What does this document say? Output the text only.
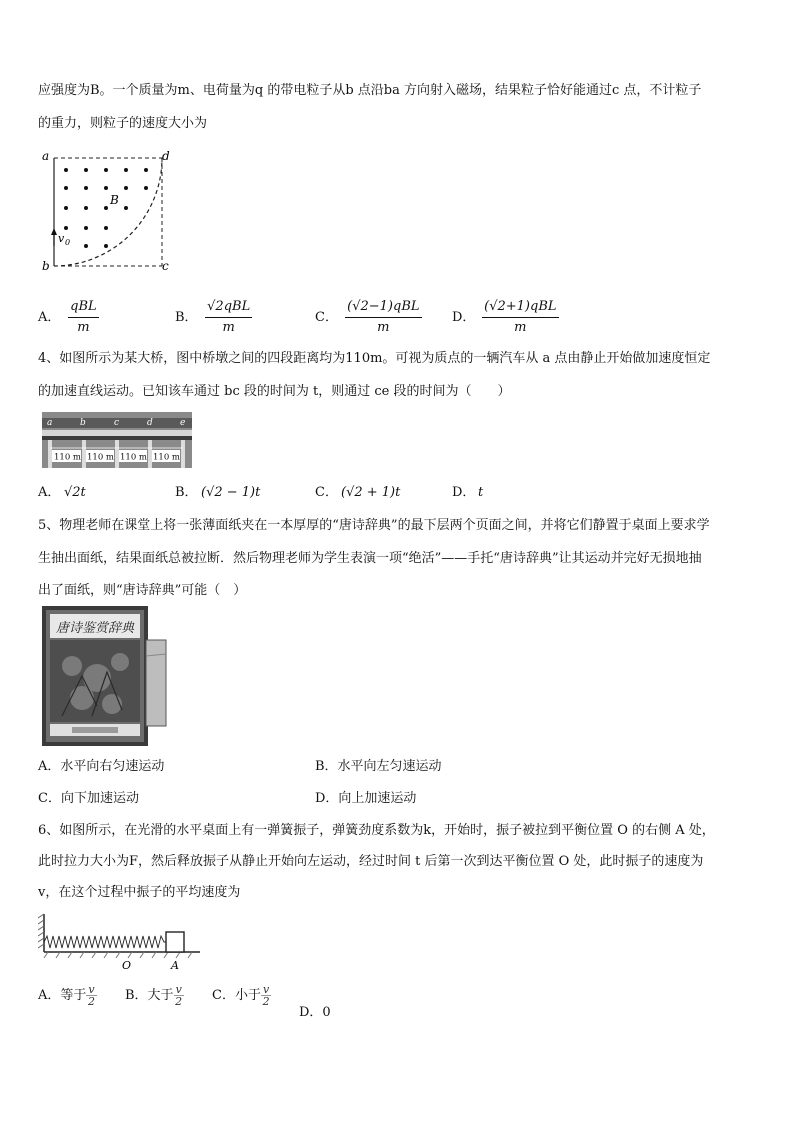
应强度为B。一个质量为m、电荷量为q 的带电粒子从b 点沿ba 方向射入磁场，结果粒子恰好能通过c 点，不计粒子
的重力，则粒子的速度大小为
a	d
b	c
B
v 0
A． $\frac{\text{qBL}}{m}$	B． $\frac{\text{√2qBL}}{m}$	C． $\frac{\text{(√2−1)qBL}}{m}$ D． $\frac{\text{(√2+1)qBL}}{m}$
4、如图所示为某大桥，图中桥墩之间的四段距离均为110m。可视为质点的一辆汽车从 a 点由静止开始做加速度恒定
的加速直线运动。已知该车通过 bc 段的时间为 t，则通过 ce 段的时间为（　　）
a	b	c	d	e
110 m 110 m 110 m 110 m
A． √2t	B． (√2 − 1)t	C． (√2 + 1)t	D． t
5、物理老师在课堂上将一张薄面纸夹在一本厚厚的“唐诗辞典”的最下层两个页面之间，并将它们静置于桌面上要求学
生抽出面纸，结果面纸总被拉断．然后物理老师为学生表演一项“绝活”——手托“唐诗辞典”让其运动并完好无损地抽
出了面纸，则“唐诗辞典”可能（　）
唐诗鉴赏辞典
A．水平向右匀速运动	B．水平向左匀速运动
C．向下加速运动	D．向上加速运动
6、如图所示，在光滑的水平桌面上有一弹簧振子，弹簧劲度系数为k，开始时，振子被拉到平衡位置 O 的右侧 A 处，
此时拉力大小为F，然后释放振子从静止开始向左运动，经过时间 t 后第一次到达平衡位置 O 处，此时振子的速度为
v，在这个过程中振子的平均速度为
O	A
A．等于 $\frac{v}{2}$ B．大于 $\frac{v}{2}$ C．小于 $\frac{v}{2}$
D．0
